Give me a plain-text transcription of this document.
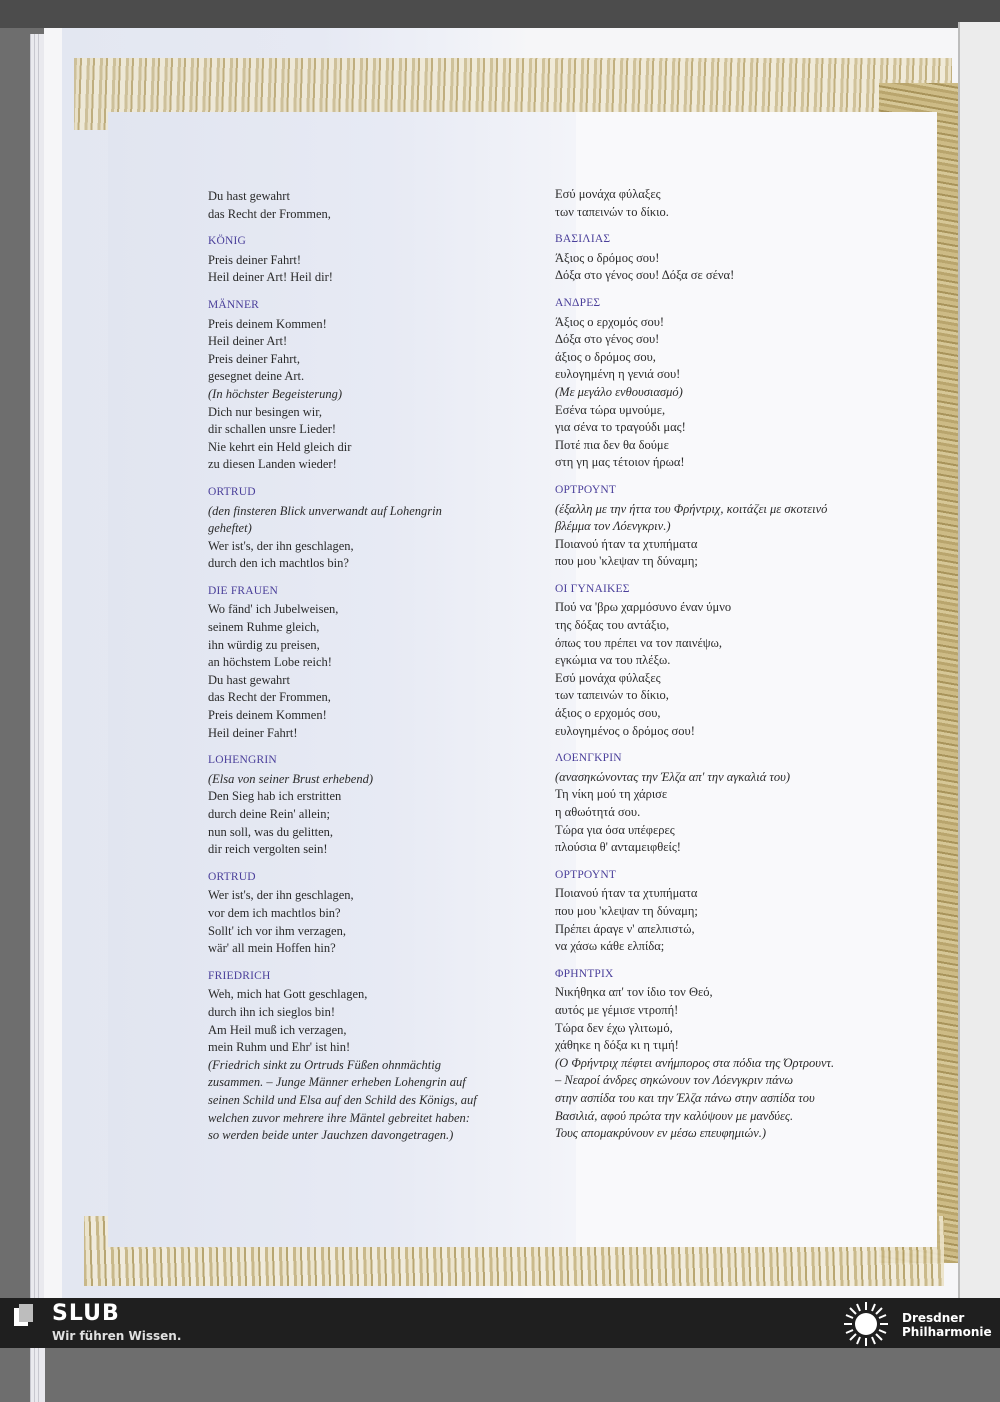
Du hast gewahrt
das Recht der Frommen,
KÖNIG
Preis deiner Fahrt!
Heil deiner Art! Heil dir!
MÄNNER
Preis deinem Kommen!
Heil deiner Art!
Preis deiner Fahrt,
gesegnet deine Art.
(In höchster Begeisterung)
Dich nur besingen wir,
dir schallen unsre Lieder!
Nie kehrt ein Held gleich dir
zu diesen Landen wieder!
ORTRUD
(den finsteren Blick unverwandt auf Lohengrin
geheftet)
Wer ist's, der ihn geschlagen,
durch den ich machtlos bin?
DIE FRAUEN
Wo fänd' ich Jubelweisen,
seinem Ruhme gleich,
ihn würdig zu preisen,
an höchstem Lobe reich!
Du hast gewahrt
das Recht der Frommen,
Preis deinem Kommen!
Heil deiner Fahrt!
LOHENGRIN
(Elsa von seiner Brust erhebend)
Den Sieg hab ich erstritten
durch deine Rein' allein;
nun soll, was du gelitten,
dir reich vergolten sein!
ORTRUD
Wer ist's, der ihn geschlagen,
vor dem ich machtlos bin?
Sollt' ich vor ihm verzagen,
wär' all mein Hoffen hin?
FRIEDRICH
Weh, mich hat Gott geschlagen,
durch ihn ich sieglos bin!
Am Heil muß ich verzagen,
mein Ruhm und Ehr' ist hin!
(Friedrich sinkt zu Ortruds Füßen ohnmächtig
zusammen. – Junge Männer erheben Lohengrin auf
seinen Schild und Elsa auf den Schild des Königs, auf
welchen zuvor mehrere ihre Mäntel gebreitet haben:
so werden beide unter Jauchzen davongetragen.)
Εσύ μονάχα φύλαξες
των ταπεινών το δίκιο.
ΒΑΣΙΛΙΑΣ
Άξιος ο δρόμος σου!
Δόξα στο γένος σου! Δόξα σε σένα!
ΑΝΔΡΕΣ
Άξιος ο ερχομός σου!
Δόξα στο γένος σου!
άξιος ο δρόμος σου,
ευλογημένη η γενιά σου!
(Με μεγάλο ενθουσιασμό)
Εσένα τώρα υμνούμε,
για σένα το τραγούδι μας!
Ποτέ πια δεν θα δούμε
στη γη μας τέτοιον ήρωα!
ΟΡΤΡΟΥΝΤ
(έξαλλη με την ήττα του Φρήντριχ, κοιτάζει με σκοτεινό
βλέμμα τον Λόενγκριν.)
Ποιανού ήταν τα χτυπήματα
που μου 'κλεψαν τη δύναμη;
ΟΙ ΓΥΝΑΙΚΕΣ
Πού να 'βρω χαρμόσυνο έναν ύμνο
της δόξας του αντάξιο,
όπως του πρέπει να τον παινέψω,
εγκώμια να του πλέξω.
Εσύ μονάχα φύλαξες
των ταπεινών το δίκιο,
άξιος ο ερχομός σου,
ευλογημένος ο δρόμος σου!
ΛΟΕΝΓΚΡΙΝ
(ανασηκώνοντας την Έλζα απ' την αγκαλιά του)
Τη νίκη μού τη χάρισε
η αθωότητά σου.
Τώρα για όσα υπέφερες
πλούσια θ' ανταμειφθείς!
ΟΡΤΡΟΥΝΤ
Ποιανού ήταν τα χτυπήματα
που μου 'κλεψαν τη δύναμη;
Πρέπει άραγε ν' απελπιστώ,
να χάσω κάθε ελπίδα;
ΦΡΗΝΤΡΙΧ
Νικήθηκα απ' τον ίδιο τον Θεό,
αυτός με γέμισε ντροπή!
Τώρα δεν έχω γλιτωμό,
χάθηκε η δόξα κι η τιμή!
(Ο Φρήντριχ πέφτει ανήμπορος στα πόδια της Όρτρουντ.
– Νεαροί άνδρες σηκώνουν τον Λόενγκριν πάνω
στην ασπίδα του και την Έλζα πάνω στην ασπίδα του
Βασιλιά, αφού πρώτα την καλύψουν με μανδύες.
Τους απομακρύνουν εν μέσω επευφημιών.)
SLUB
Wir führen Wissen.
Dresdner
Philharmonie
